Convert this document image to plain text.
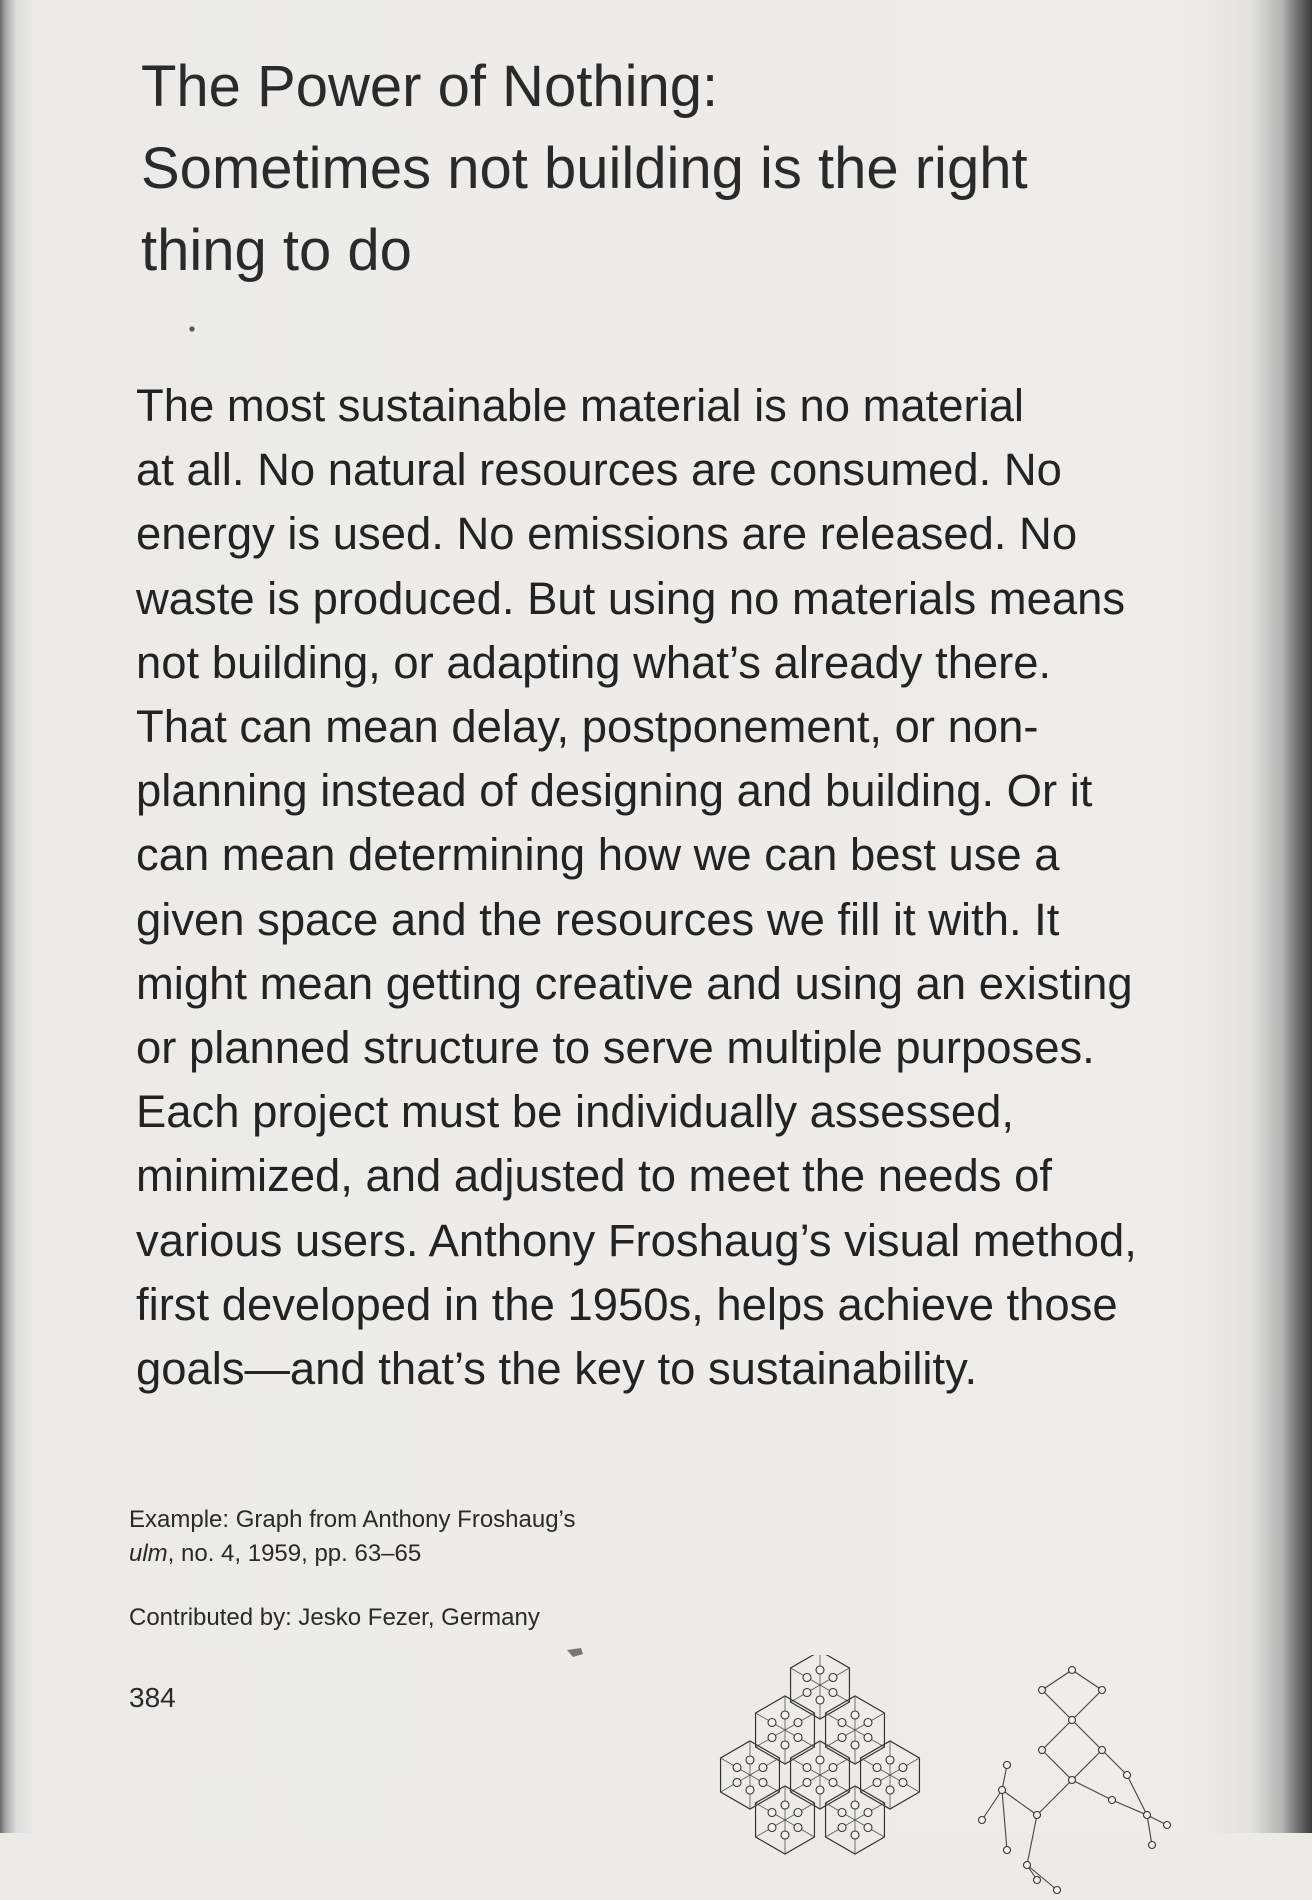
The Power of Nothing:
Sometimes not building is the right
thing to do

The most sustainable material is no material
at all. No natural resources are consumed. No
energy is used. No emissions are released. No
waste is produced. But using no materials means
not building, or adapting what’s already there.
That can mean delay, postponement, or non-
planning instead of designing and building. Or it
can mean determining how we can best use a
given space and the resources we fill it with. It
might mean getting creative and using an existing
or planned structure to serve multiple purposes.
Each project must be individually assessed,
minimized, and adjusted to meet the needs of
various users. Anthony Froshaug’s visual method,
first developed in the 1950s, helps achieve those
goals—and that’s the key to sustainability.

Example: Graph from Anthony Froshaug’s
ulm, no. 4, 1959, pp. 63–65

Contributed by: Jesko Fezer, Germany

384
